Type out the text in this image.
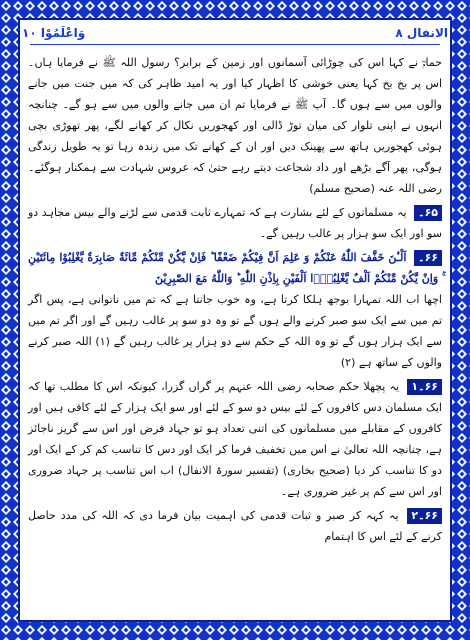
وَاعْلَمُوْا ١٠	الانفال ٨

حمامؓ نے کہا اس کی چوڑائی آسمانوں اور زمین کے برابر؟ رسول اللہ ﷺ نے فرمایا ہاں۔ اس پر بخ بخ کہا یعنی خوشی کا اظہار کیا اور یہ امید ظاہر کی کہ میں جنت میں جانے والوں میں سے ہوں گا۔ آپ ﷺ نے فرمایا تم ان میں جانے والوں میں سے ہو گے۔ چنانچہ انہوں نے اپنی تلوار کی میان توڑ ڈالی اور کھجوریں نکال کر کھانے لگے، پھر تھوڑی بچی ہوئی کھجوریں ہاتھ سے پھینک دیں اور ان کے کھانے تک میں زندہ رہا تو یہ طویل زندگی ہوگی، پھر آگے بڑھے اور داد شجاعت دیتے رہے حتیٰ کہ عروس شہادت سے ہمکنار ہوگئے۔ رضی اللہ عنہ (صحیح مسلم)

۶۵۔ یہ مسلمانوں کے لئے بشارت ہے کہ تمہارے ثابت قدمی سے لڑنے والے بیس مجاہد دو سو اور ایک سو ہزار پر غالب رہیں گے۔

۶۶۔ اَلْـٰٔنَ خَفَّفَ اللّٰهُ عَنْكُمْ وَ عَلِمَ اَنَّ فِيْكُمْ ضَعْفًا ؕ فَاِنْ يَّكُنْ مِّنْكُمْ مِّائَةٌ صَابِرَةٌ يَّغْلِبُوْا مِائَتَيْنِ ۚ وَاِنْ يَّكُنْ مِّنْكُمْ اَلْفٌ يَّغْلِبُوْۤا اَلْفَيْنِ بِاِذْنِ اللّٰهِ ؕ وَاللّٰهُ مَعَ الصّٰبِرِيْنَ
اچھا اب اللہ تمہارا بوجھ ہلکا کرتا ہے، وہ خوب جانتا ہے کہ تم میں ناتوانی ہے، پس اگر تم میں سے ایک سو صبر کرنے والے ہوں گے تو وہ دو سو پر غالب رہیں گے اور اگر تم میں سے ایک ہزار ہوں گے تو وہ اللہ کے حکم سے دو ہزار پر غالب رہیں گے (۱) اللہ صبر کرنے والوں کے ساتھ ہے (۲)

۶۶۔۱ یہ پچھلا حکم صحابہ رضی اللہ عنہم پر گراں گزرا، کیونکہ اس کا مطلب تھا کہ ایک مسلمان دس کافروں کے لئے بیس دو سو کے لئے اور سو ایک ہزار کے لئے کافی ہیں اور کافروں کے مقابلے میں مسلمانوں کی اتنی تعداد ہو تو جہاد فرض اور اس سے گریز ناجائز ہے، چنانچہ اللہ تعالیٰ نے اس میں تخفیف فرما کر ایک اور دس کا تناسب کم کر کے ایک اور دو کا تناسب کر دیا (صحیح بخاری) (تفسیر سورۃ الانفال) اب اس تناسب پر جہاد ضروری اور اس سے کم پر غیر ضروری ہے۔

۶۶۔۲ یہ کہہ کر صبر و ثبات قدمی کی اہمیت بیان فرما دی کہ اللہ کی مدد حاصل کرنے کے لئے اس کا اہتمام
